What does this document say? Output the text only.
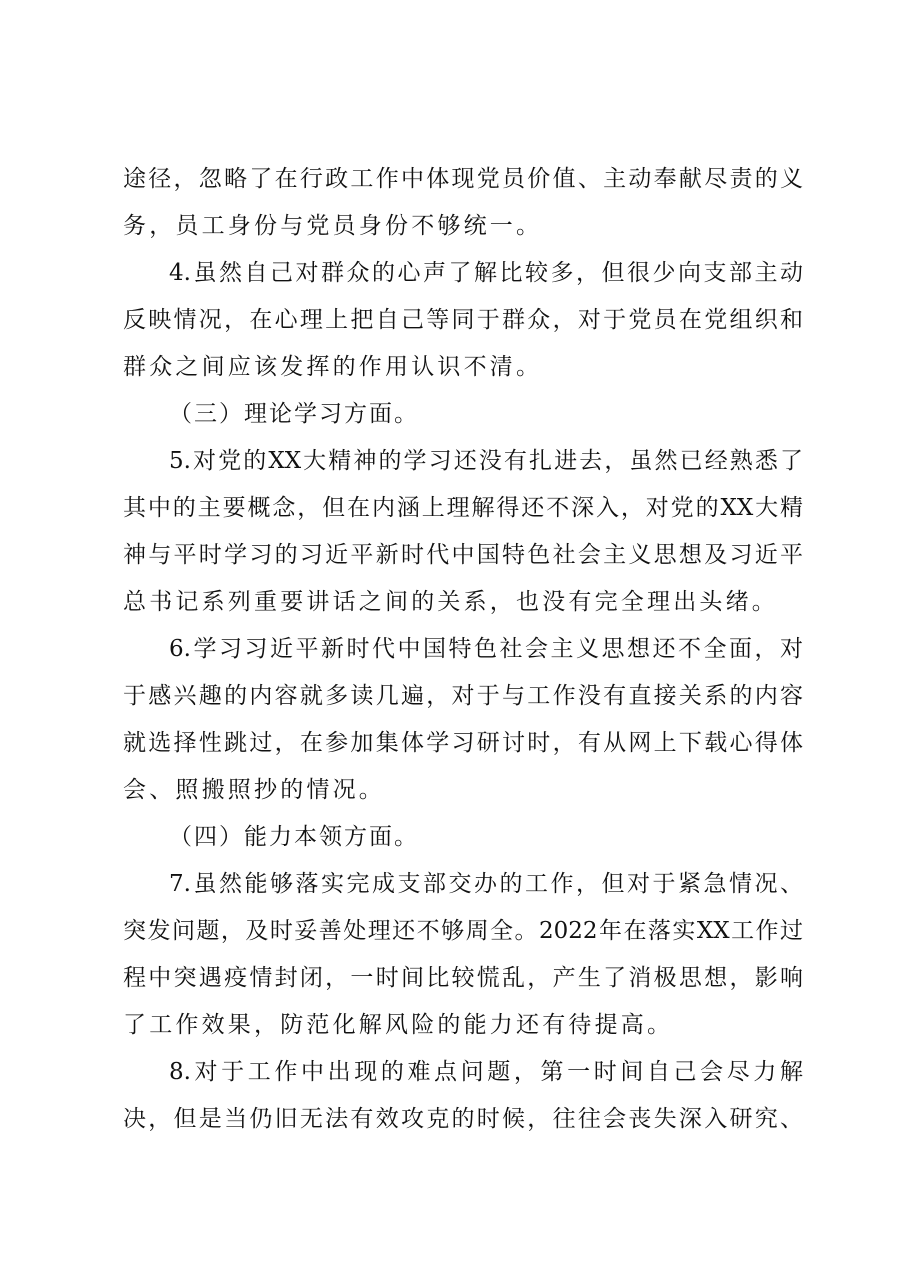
途径，忽略了在行政工作中体现党员价值、主动奉献尽责的义
务，员工身份与党员身份不够统一。
4.虽然自己对群众的心声了解比较多，但很少向支部主动
反映情况，在心理上把自己等同于群众，对于党员在党组织和
群众之间应该发挥的作用认识不清。
（三）理论学习方面。
5.对党的XX大精神的学习还没有扎进去，虽然已经熟悉了
其中的主要概念，但在内涵上理解得还不深入，对党的XX大精
神与平时学习的习近平新时代中国特色社会主义思想及习近平
总书记系列重要讲话之间的关系，也没有完全理出头绪。
6.学习习近平新时代中国特色社会主义思想还不全面，对
于感兴趣的内容就多读几遍，对于与工作没有直接关系的内容
就选择性跳过，在参加集体学习研讨时，有从网上下载心得体
会、照搬照抄的情况。
（四）能力本领方面。
7.虽然能够落实完成支部交办的工作，但对于紧急情况、
突发问题，及时妥善处理还不够周全。2022年在落实XX工作过
程中突遇疫情封闭，一时间比较慌乱，产生了消极思想，影响
了工作效果，防范化解风险的能力还有待提高。
8.对于工作中出现的难点问题，第一时间自己会尽力解
决，但是当仍旧无法有效攻克的时候，往往会丧失深入研究、
